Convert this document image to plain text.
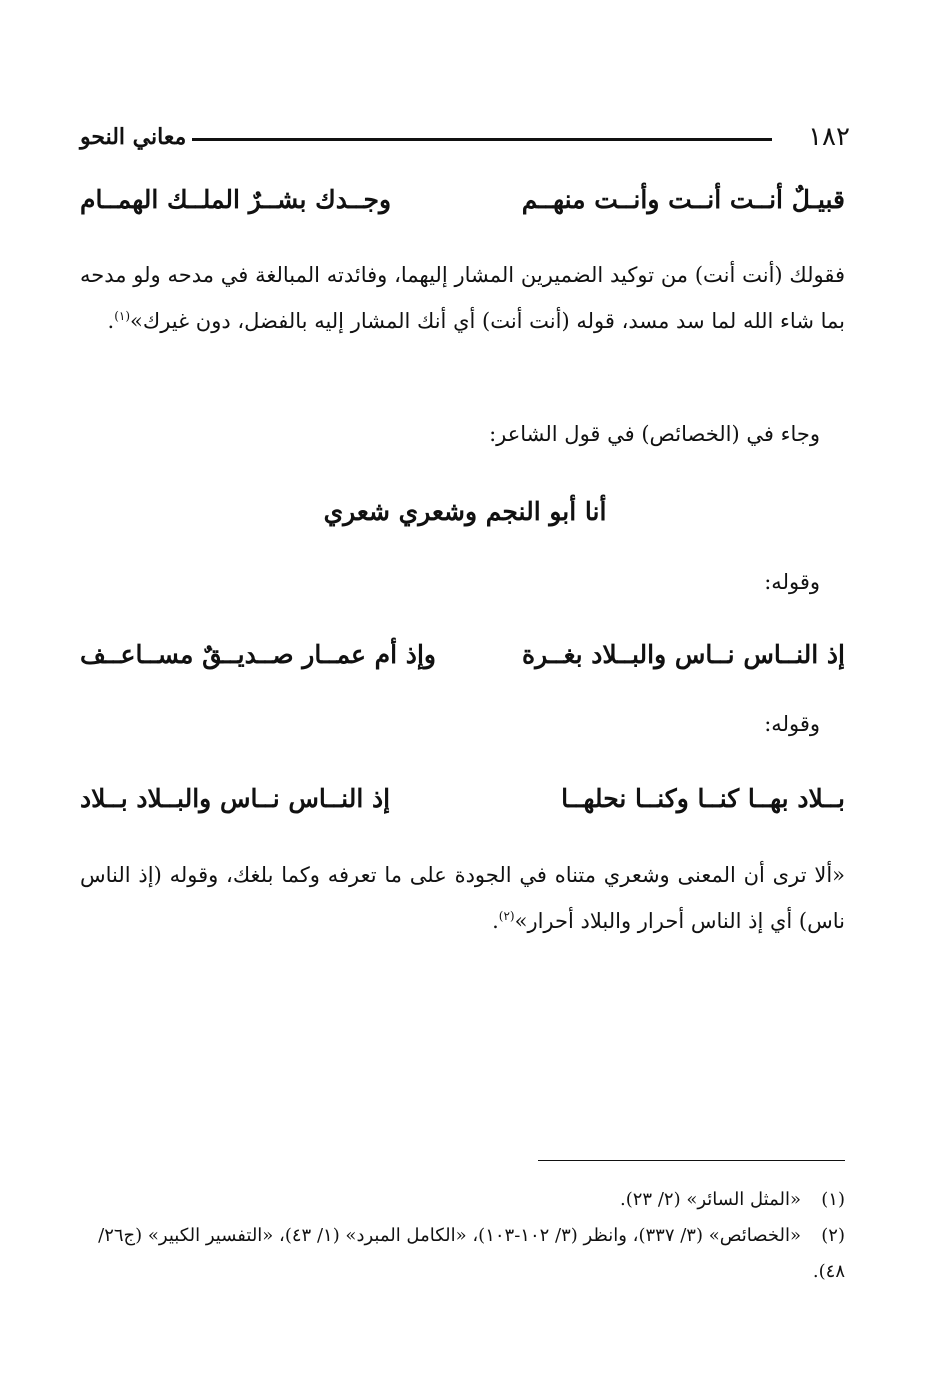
١٨٢
معاني النحو
قبيـلٌ أنــت أنــت وأنــت منهــم
وجــدك بشــرٌ الملــك الهمــام
فقولك (أنت أنت) من توكيد الضميرين المشار إليهما، وفائدته المبالغة في مدحه ولو مدحه بما شاء الله لما سد مسد، قوله (أنت أنت) أي أنك المشار إليه بالفضل، دون غيرك»$^{(١)}$.
وجاء في (الخصائص) في قول الشاعر:
أنا أبو النجم وشعري شعري
وقوله:
إذ النــاس نــاس والبــلاد بغــرة
وإذ أم عمــار صــديــقٌ مســاعــف
وقوله:
بــلاد بهــا كنــا وكنــا نحلهــا
إذ النــاس نــاس والبــلاد بــلاد
«ألا ترى أن المعنى وشعري متناه في الجودة على ما تعرفه وكما بلغك، وقوله (إذ الناس ناس) أي إذ الناس أحرار والبلاد أحرار»$^{(٢)}$.
(١)«المثل السائر» (٢/ ٢٣).
(٢)«الخصائص» (٣/ ٣٣٧)، وانظر (٣/ ١٠٢-١٠٣)، «الكامل المبرد» (١/ ٤٣)، «التفسير الكبير» (ج٢٦/ ٤٨).
